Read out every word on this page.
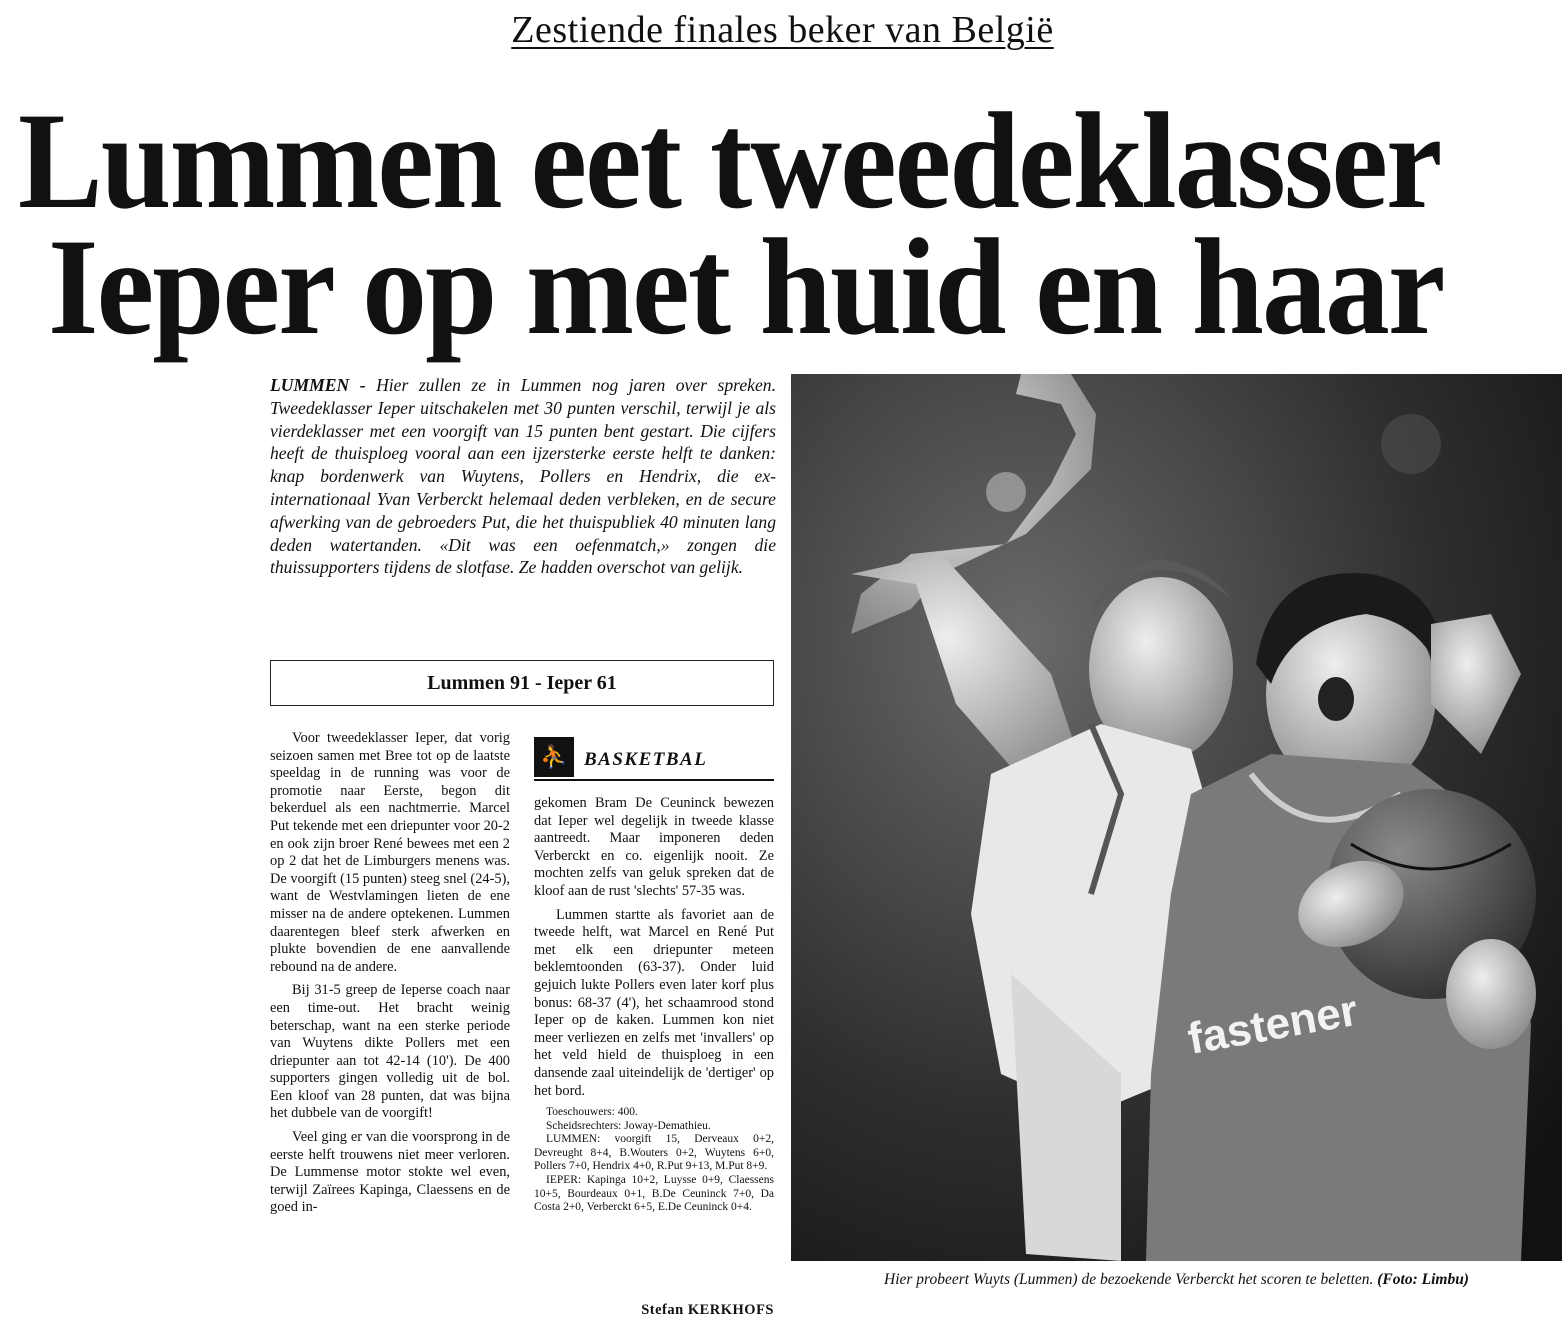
Zestiende finales beker van België
Lummen eet tweedeklasser
Ieper op met huid en haar
LUMMEN - Hier zullen ze in Lummen nog jaren over spreken. Tweedeklasser Ieper uitschakelen met 30 punten verschil, terwijl je als vierdeklasser met een voorgift van 15 punten bent gestart. Die cijfers heeft de thuisploeg vooral aan een ijzersterke eerste helft te danken: knap bordenwerk van Wuytens, Pollers en Hendrix, die ex-internationaal Yvan Verberckt helemaal deden verbleken, en de secure afwerking van de gebroeders Put, die het thuispubliek 40 minuten lang deden watertanden. «Dit was een oefenmatch,» zongen die thuissupporters tijdens de slotfase. Ze hadden overschot van gelijk.
Lummen 91 - Ieper 61

Voor tweedeklasser Ieper, dat vorig seizoen samen met Bree tot op de laatste speeldag in de running was voor de promotie naar Eerste, begon dit bekerduel als een nachtmerrie. Marcel Put tekende met een driepunter voor 20-2 en ook zijn broer René bewees met een 2 op 2 dat het de Limburgers menens was. De voorgift (15 punten) steeg snel (24-5), want de Westvlamingen lieten de ene misser na de andere optekenen. Lummen daarentegen bleef sterk afwerken en plukte bovendien de ene aanvallende rebound na de andere.

Bij 31-5 greep de Ieperse coach naar een time-out. Het bracht weinig beterschap, want na een sterke periode van Wuytens dikte Pollers met een driepunter aan tot 42-14 (10'). De 400 supporters gingen volledig uit de bol. Een kloof van 28 punten, dat was bijna het dubbele van de voorgift!

Veel ging er van die voorsprong in de eerste helft trouwens niet meer verloren. De Lummense motor stokte wel even, terwijl Zaïrees Kapinga, Claessens en de goed in-

⛹ BASKETBAL

gekomen Bram De Ceuninck bewezen dat Ieper wel degelijk in tweede klasse aantreedt. Maar imponeren deden Verberckt en co. eigenlijk nooit. Ze mochten zelfs van geluk spreken dat de kloof aan de rust 'slechts' 57-35 was.

Lummen startte als favoriet aan de tweede helft, wat Marcel en René Put met elk een driepunter meteen beklemtoonden (63-37). Onder luid gejuich lukte Pollers even later korf plus bonus: 68-37 (4'), het schaamrood stond Ieper op de kaken. Lummen kon niet meer verliezen en zelfs met 'invallers' op het veld hield de thuisploeg in een dansende zaal uiteindelijk de 'dertiger' op het bord.

Toeschouwers: 400.

Scheidsrechters: Joway-Demathieu.

LUMMEN: voorgift 15, Derveaux 0+2, Devreught 8+4, B.Wouters 0+2, Wuytens 6+0, Pollers 7+0, Hendrix 4+0, R.Put 9+13, M.Put 8+9.

IEPER: Kapinga 10+2, Luysse 0+9, Claessens 10+5, Bourdeaux 0+1, B.De Ceuninck 7+0, Da Costa 2+0, Verberckt 6+5, E.De Ceuninck 0+4.

Stefan KERKHOFS
fastener
Hier probeert Wuyts (Lummen) de bezoekende Verberckt het scoren te beletten. (Foto: Limbu)
